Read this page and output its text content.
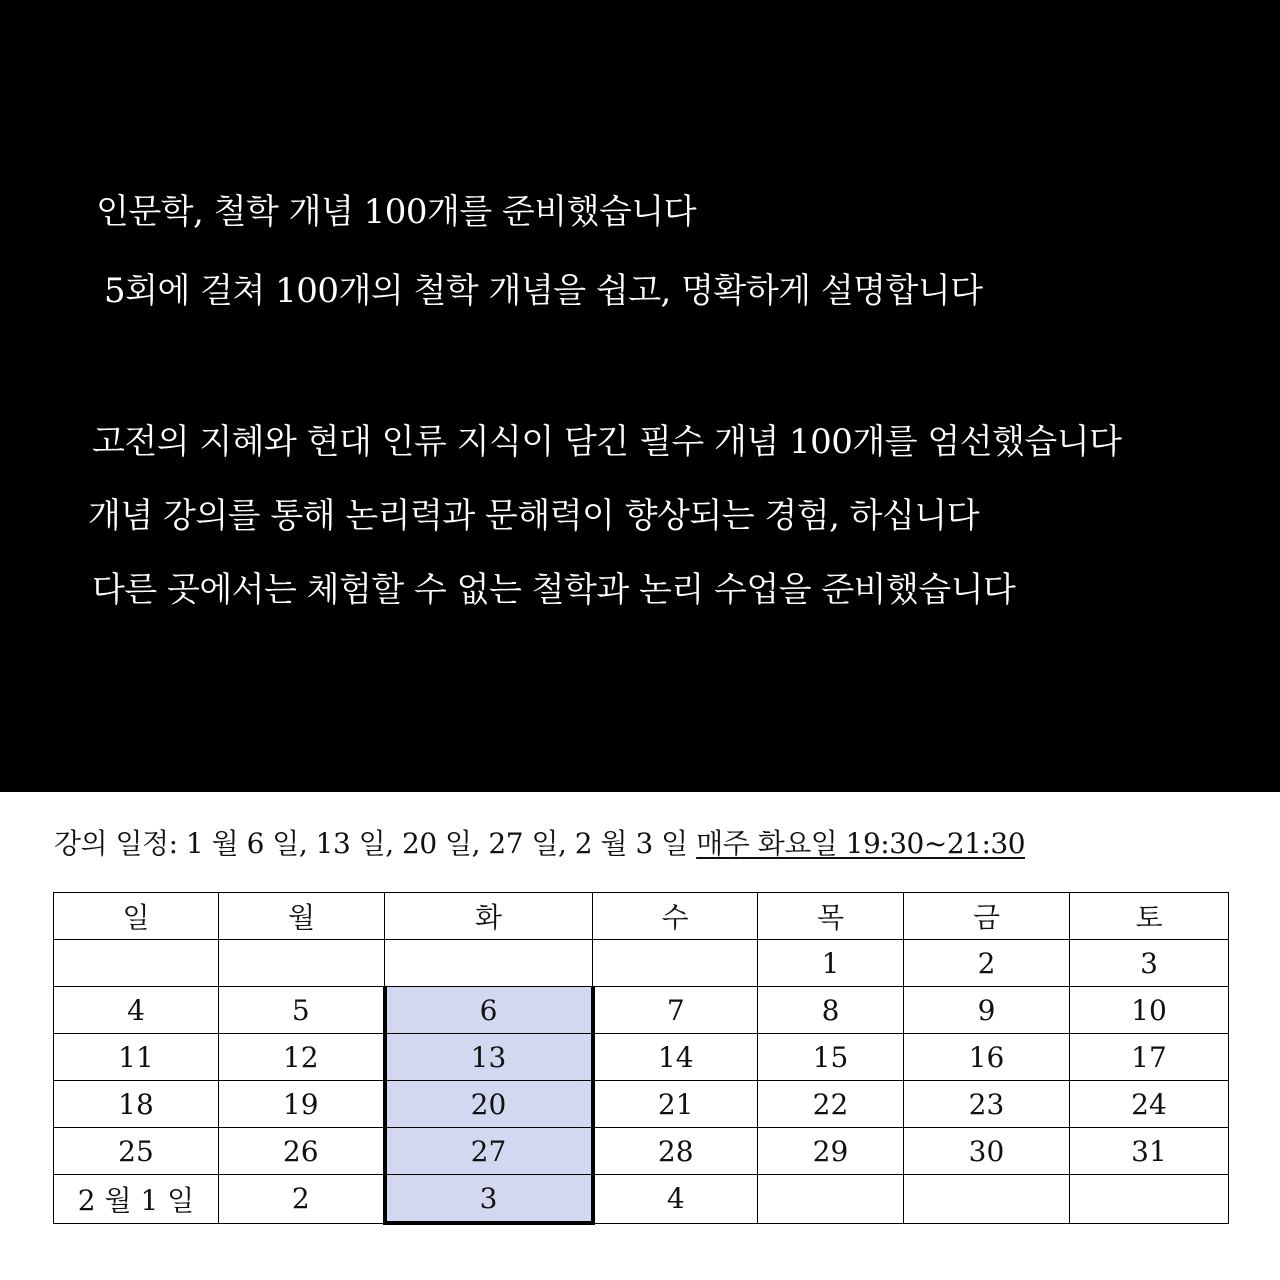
인문학, 철학 개념 100개를 준비했습니다
5회에 걸쳐 100개의 철학 개념을 쉽고, 명확하게 설명합니다
고전의 지혜와 현대 인류 지식이 담긴 필수 개념 100개를 엄선했습니다
개념 강의를 통해 논리력과 문해력이 향상되는 경험, 하십니다
다른 곳에서는 체험할 수 없는 철학과 논리 수업을 준비했습니다
강의 일정: 1 월 6 일, 13 일, 20 일, 27 일, 2 월 3 일 매주 화요일 19:30~21:30
일	월	화	수	목	금	토
				1	2	3
4	5	6	7	8	9	10
11	12	13	14	15	16	17
18	19	20	21	22	23	24
25	26	27	28	29	30	31
2 월 1 일	2	3	4			
